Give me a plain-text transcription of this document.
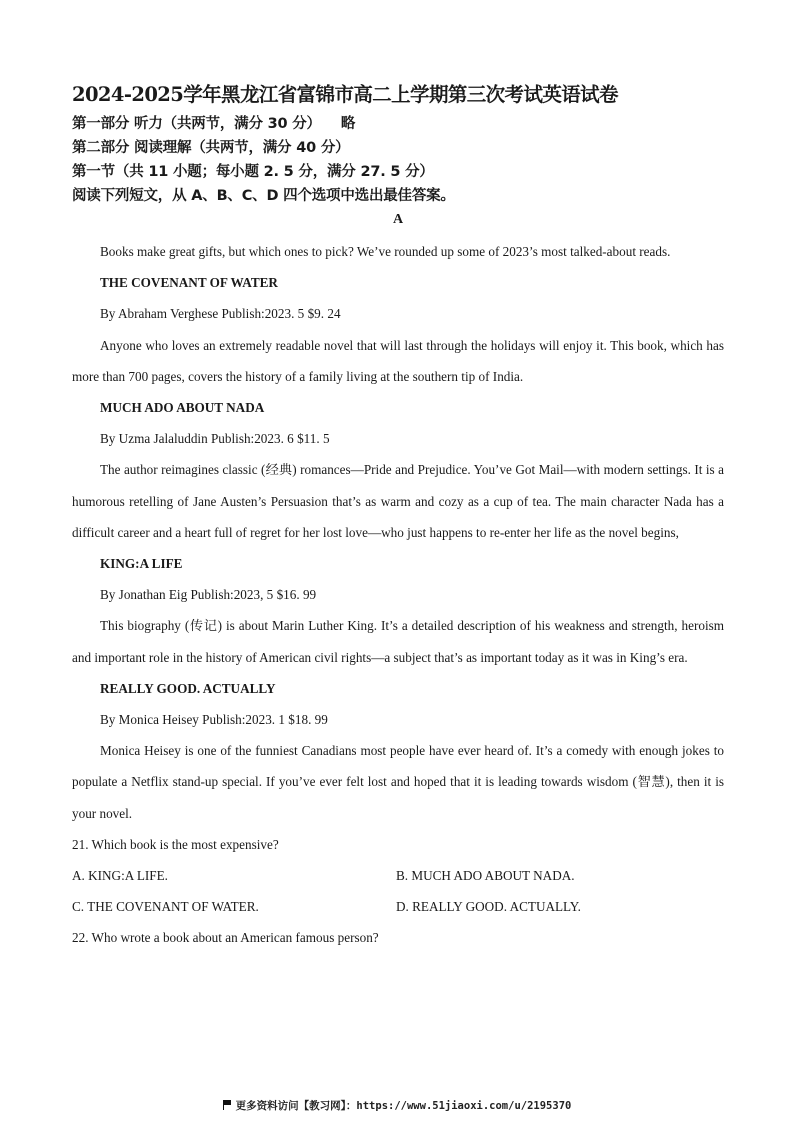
2024-2025学年黑龙江省富锦市高二上学期第三次考试英语试卷

第一部分 听力（共两节，满分 30 分） 略

第二部分 阅读理解（共两节，满分 40 分）

第一节（共 11 小题；每小题 2. 5 分，满分 27. 5 分）

阅读下列短文，从 A、B、C、D 四个选项中选出最佳答案。

A

Books make great gifts, but which ones to pick? We’ve rounded up some of 2023’s most talked-about reads.

THE COVENANT OF WATER

By Abraham Verghese Publish:2023. 5 $9. 24

Anyone who loves an extremely readable novel that will last through the holidays will enjoy it. This book, which has more than 700 pages, covers the history of a family living at the southern tip of India.

MUCH ADO ABOUT NADA

By Uzma Jalaluddin Publish:2023. 6 $11. 5

The author reimagines classic (经典) romances—Pride and Prejudice. You’ve Got Mail—with modern settings. It is a humorous retelling of Jane Austen’s Persuasion that’s as warm and cozy as a cup of tea. The main character Nada has a difficult career and a heart full of regret for her lost love—who just happens to re-enter her life as the novel begins,

KING:A LIFE

By Jonathan Eig Publish:2023, 5 $16. 99

This biography (传记) is about Marin Luther King. It’s a detailed description of his weakness and strength, heroism and important role in the history of American civil rights—a subject that’s as important today as it was in King’s era.

REALLY GOOD. ACTUALLY

By Monica Heisey Publish:2023. 1 $18. 99

Monica Heisey is one of the funniest Canadians most people have ever heard of. It’s a comedy with enough jokes to populate a Netflix stand-up special. If you’ve ever felt lost and hoped that it is leading towards wisdom (智慧), then it is your novel.

21. Which book is the most expensive?

A. KING:A LIFE.	B. MUCH ADO ABOUT NADA.
C. THE COVENANT OF WATER.	D. REALLY GOOD. ACTUALLY.

22. Who wrote a book about an American famous person?

更多资料访问【教习网】：https://www.51jiaoxi.com/u/2195370
